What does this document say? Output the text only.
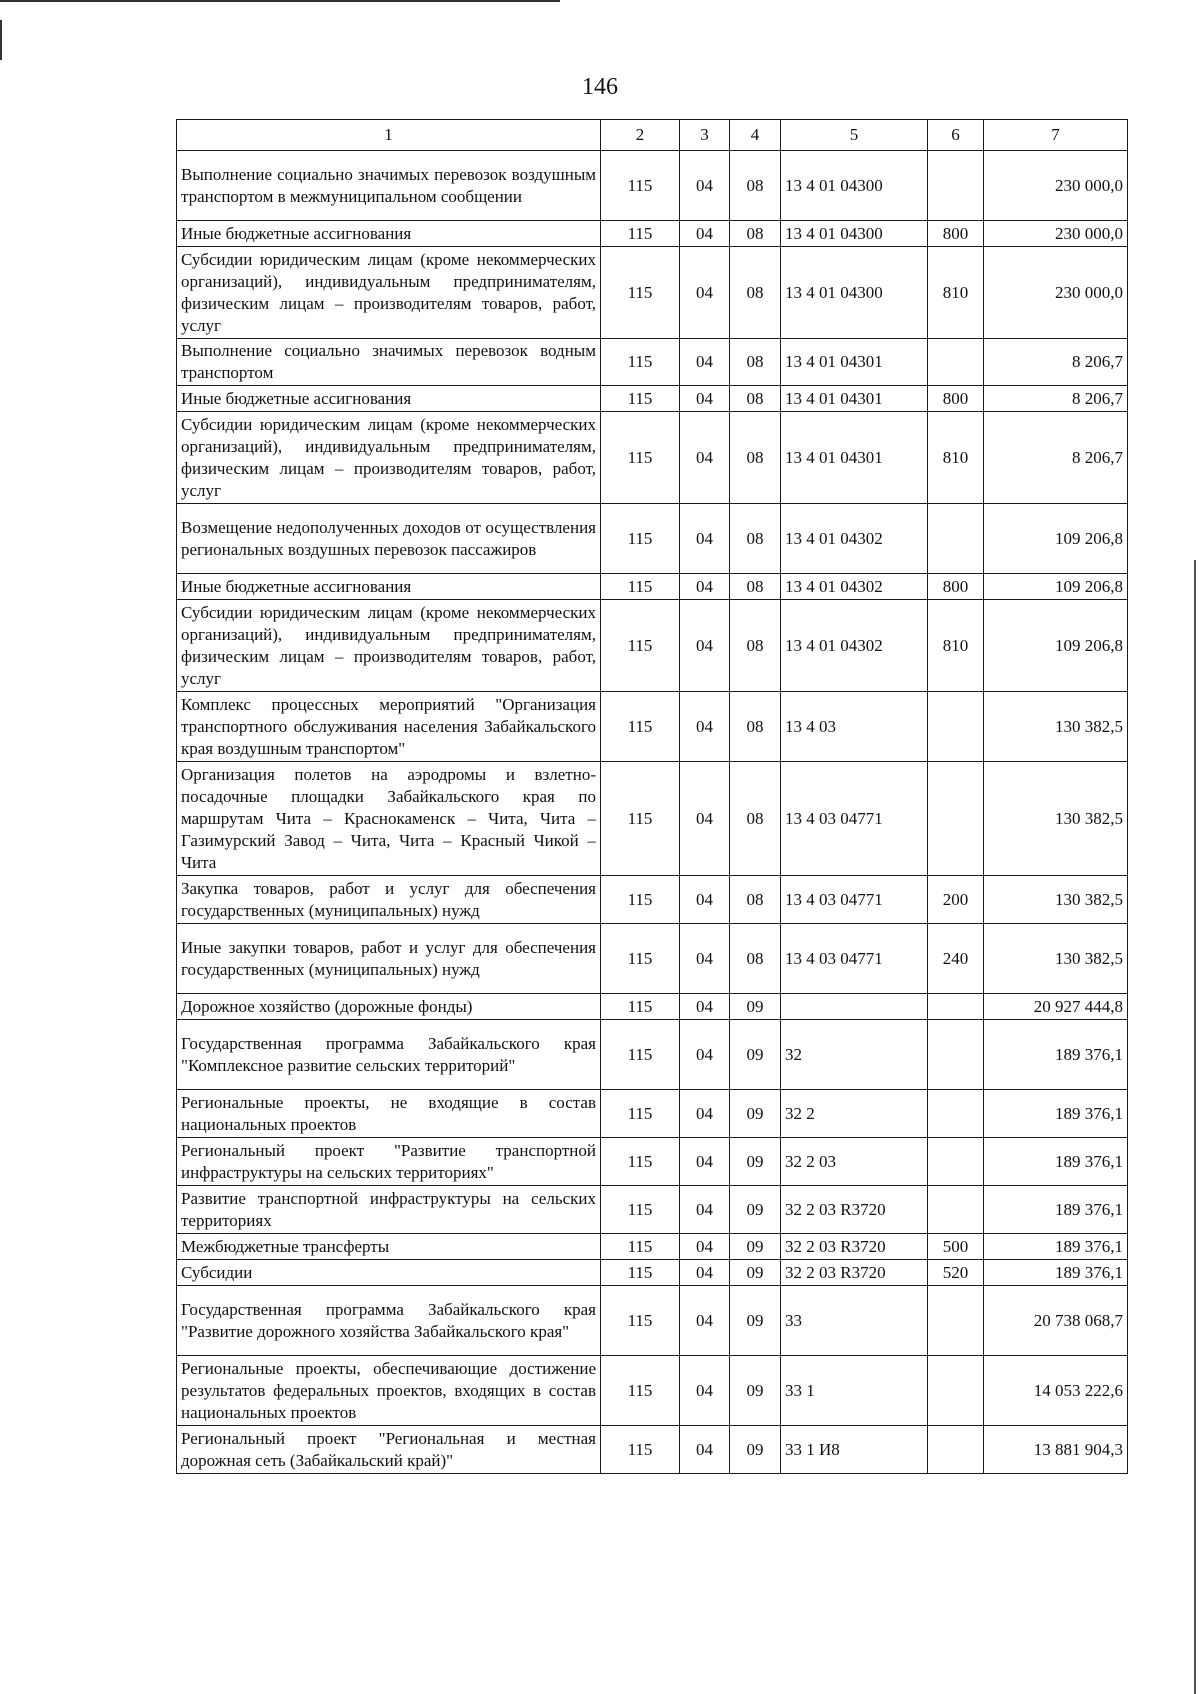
146
1	2	3	4	5	6	7
Выполнение социально значимых перевозок воздушным транспортом в межмуниципальном сообщении	115	04	08	13 4 01 04300		230 000,0
Иные бюджетные ассигнования	115	04	08	13 4 01 04300	800	230 000,0
Субсидии юридическим лицам (кроме некоммерческих организаций), индивидуальным предпринимателям, физическим лицам – производителям товаров, работ, услуг	115	04	08	13 4 01 04300	810	230 000,0
Выполнение социально значимых перевозок водным транспортом	115	04	08	13 4 01 04301		8 206,7
Иные бюджетные ассигнования	115	04	08	13 4 01 04301	800	8 206,7
Субсидии юридическим лицам (кроме некоммерческих организаций), индивидуальным предпринимателям, физическим лицам – производителям товаров, работ, услуг	115	04	08	13 4 01 04301	810	8 206,7
Возмещение недополученных доходов от осуществления региональных воздушных перевозок пассажиров	115	04	08	13 4 01 04302		109 206,8
Иные бюджетные ассигнования	115	04	08	13 4 01 04302	800	109 206,8
Субсидии юридическим лицам (кроме некоммерческих организаций), индивидуальным предпринимателям, физическим лицам – производителям товаров, работ, услуг	115	04	08	13 4 01 04302	810	109 206,8
Комплекс процессных мероприятий "Организация транспортного обслуживания населения Забайкальского края воздушным транспортом"	115	04	08	13 4 03		130 382,5
Организация полетов на аэродромы и взлетно-посадочные площадки Забайкальского края по маршрутам Чита – Краснокаменск – Чита, Чита – Газимурский Завод – Чита, Чита – Красный Чикой – Чита	115	04	08	13 4 03 04771		130 382,5
Закупка товаров, работ и услуг для обеспечения государственных (муниципальных) нужд	115	04	08	13 4 03 04771	200	130 382,5
Иные закупки товаров, работ и услуг для обеспечения государственных (муниципальных) нужд	115	04	08	13 4 03 04771	240	130 382,5
Дорожное хозяйство (дорожные фонды)	115	04	09			20 927 444,8
Государственная программа Забайкальского края "Комплексное развитие сельских территорий"	115	04	09	32		189 376,1
Региональные проекты, не входящие в состав национальных проектов	115	04	09	32 2		189 376,1
Региональный проект "Развитие транспортной инфраструктуры на сельских территориях"	115	04	09	32 2 03		189 376,1
Развитие транспортной инфраструктуры на сельских территориях	115	04	09	32 2 03 R3720		189 376,1
Межбюджетные трансферты	115	04	09	32 2 03 R3720	500	189 376,1
Субсидии	115	04	09	32 2 03 R3720	520	189 376,1
Государственная программа Забайкальского края "Развитие дорожного хозяйства Забайкальского края"	115	04	09	33		20 738 068,7
Региональные проекты, обеспечивающие достижение результатов федеральных проектов, входящих в состав национальных проектов	115	04	09	33 1		14 053 222,6
Региональный проект "Региональная и местная дорожная сеть (Забайкальский край)"	115	04	09	33 1 И8		13 881 904,3
